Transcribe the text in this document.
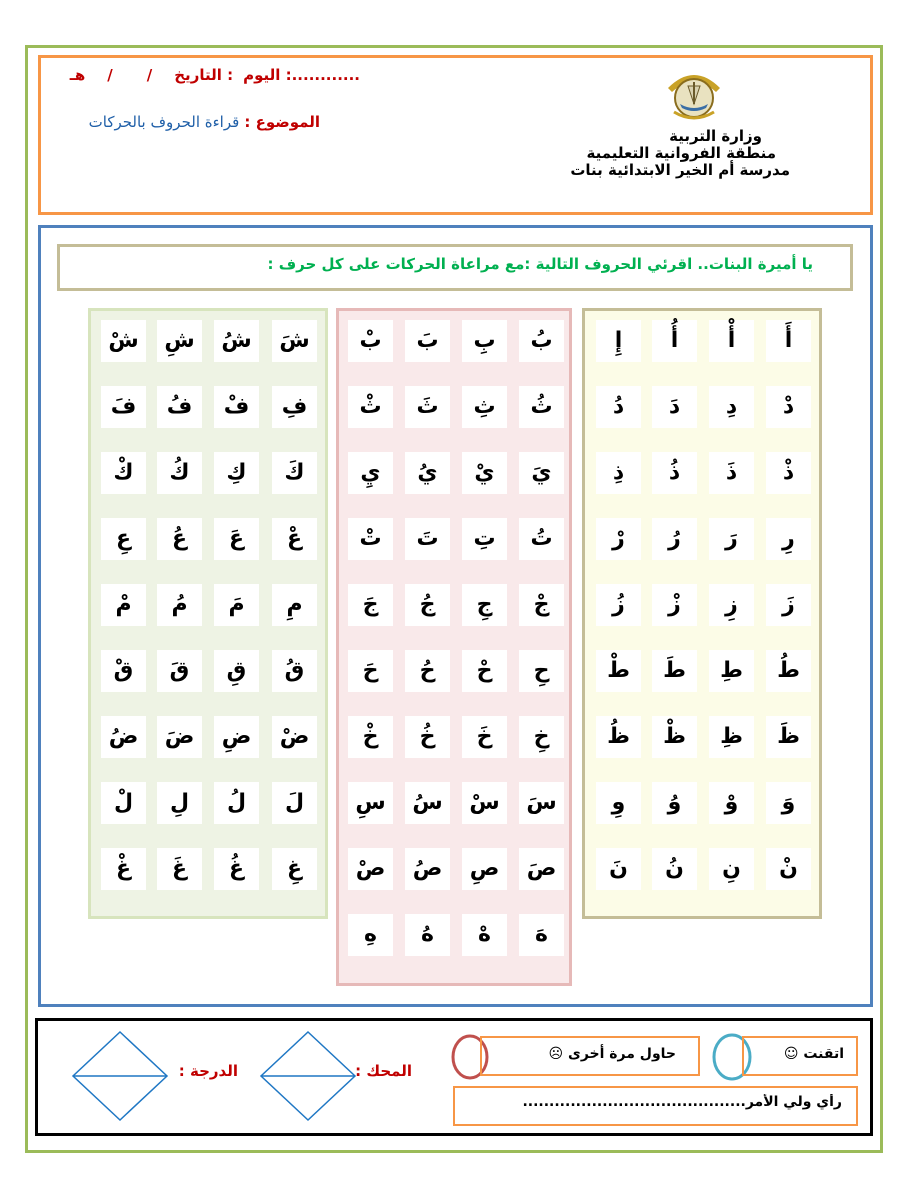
اليوم :............
التاريخ :
/
/
هـ
الموضوع : قراءة الحروف بالحركات
وزارة التربية
منطقة الفروانية التعليمية
مدرسة أم الخير الابتدائية بنات
يا أميرة البنات.. اقرئي الحروف التالية :مع مراعاة الحركات على كل حرف :
أَ
أْ
أُ
إِ
دْ
دِ
دَ
دُ
ذْ
ذَ
ذُ
ذِ
رِ
رَ
رُ
رْ
زَ
زِ
زْ
زُ
طُ
طِ
طَ
طْ
ظَ
ظِ
ظْ
ظُ
وَ
وْ
وُ
وِ
نْ
نِ
نُ
نَ
بُ
بِ
بَ
بْ
ثُ
ثِ
ثَ
ثْ
يَ
يْ
يُ
يِ
تُ
تِ
تَ
تْ
جْ
جِ
جُ
جَ
حِ
حْ
حُ
حَ
خِ
خَ
خُ
خْ
سَ
سْ
سُ
سِ
صَ
صِ
صُ
صْ
هَ
هْ
هُ
هِ
شَ
شُ
شِ
شْ
فِ
فْ
فُ
فَ
كَ
كِ
كُ
كْ
عْ
عَ
عُ
عِ
مِ
مَ
مُ
مْ
قُ
قِ
قَ
قْ
ضْ
ضِ
ضَ
ضُ
لَ
لُ
لِ
لْ
غِ
غُ
غَ
غْ
الدرجة :	المحك :
حاول مرة أخرى ☹	اتقنت ☺
رأي ولي الأمر..........................................
